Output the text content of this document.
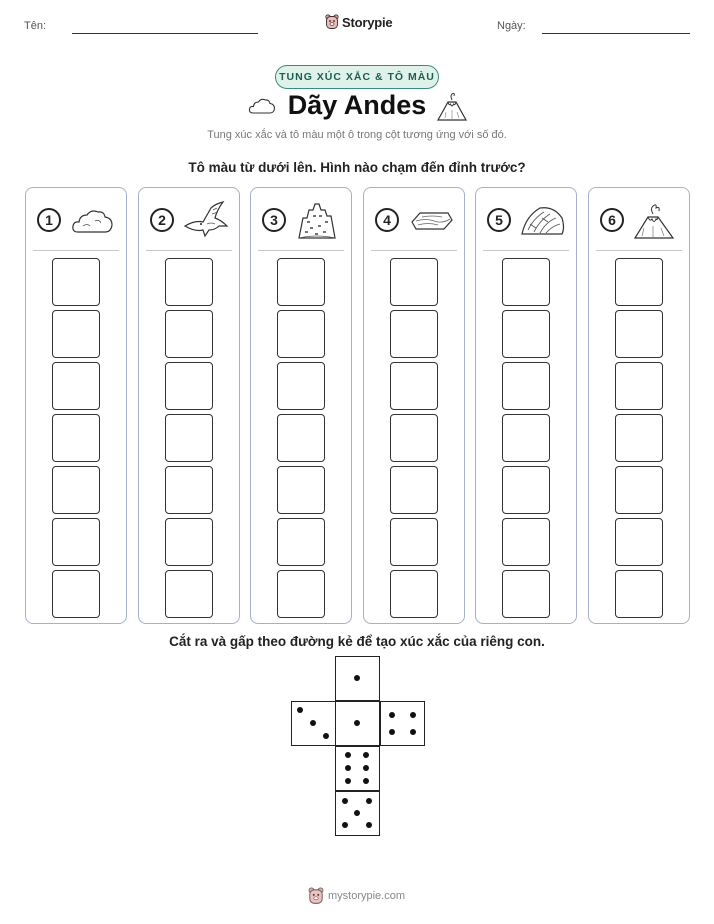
Tên:	Storypie	Ngày:
TUNG XÚC XẮC & TÔ MÀU
Dãy Andes
Tung xúc xắc và tô màu một ô trong cột tương ứng với số đó.
Tô màu từ dưới lên. Hình nào chạm đến đỉnh trước?
1	2	3	4	5	6
Cắt ra và gấp theo đường kẻ để tạo xúc xắc của riêng con.
mystorypie.com
